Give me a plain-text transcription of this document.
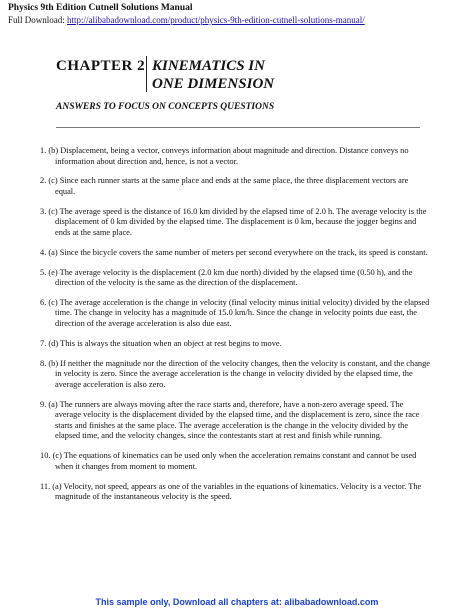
Physics 9th Edition Cutnell Solutions Manual
Full Download: http://alibabadownload.com/product/physics-9th-edition-cutnell-solutions-manual/
CHAPTER 2 KINEMATICS IN
ONE DIMENSION
ANSWERS TO FOCUS ON CONCEPTS QUESTIONS
1. (b) Displacement, being a vector, conveys information about magnitude and direction. Distance conveys no information about direction and, hence, is not a vector.
2. (c) Since each runner starts at the same place and ends at the same place, the three displacement vectors are equal.
3. (c) The average speed is the distance of 16.0 km divided by the elapsed time of 2.0 h. The average velocity is the displacement of 0 km divided by the elapsed time. The displacement is 0 km, because the jogger begins and ends at the same place.
4. (a) Since the bicycle covers the same number of meters per second everywhere on the track, its speed is constant.
5. (e) The average velocity is the displacement (2.0 km due north) divided by the elapsed time (0.50 h), and the direction of the velocity is the same as the direction of the displacement.
6. (c) The average acceleration is the change in velocity (final velocity minus initial velocity) divided by the elapsed time. The change in velocity has a magnitude of 15.0 km/h. Since the change in velocity points due east, the direction of the average acceleration is also due east.
7. (d) This is always the situation when an object at rest begins to move.
8. (b) If neither the magnitude nor the direction of the velocity changes, then the velocity is constant, and the change in velocity is zero. Since the average acceleration is the change in velocity divided by the elapsed time, the average acceleration is also zero.
9. (a) The runners are always moving after the race starts and, therefore, have a non-zero average speed. The average velocity is the displacement divided by the elapsed time, and the displacement is zero, since the race starts and finishes at the same place. The average acceleration is the change in the velocity divided by the elapsed time, and the velocity changes, since the contestants start at rest and finish while running.
10. (c) The equations of kinematics can be used only when the acceleration remains constant and cannot be used when it changes from moment to moment.
11. (a) Velocity, not speed, appears as one of the variables in the equations of kinematics. Velocity is a vector. The magnitude of the instantaneous velocity is the speed.
This sample only, Download all chapters at: alibabadownload.com
